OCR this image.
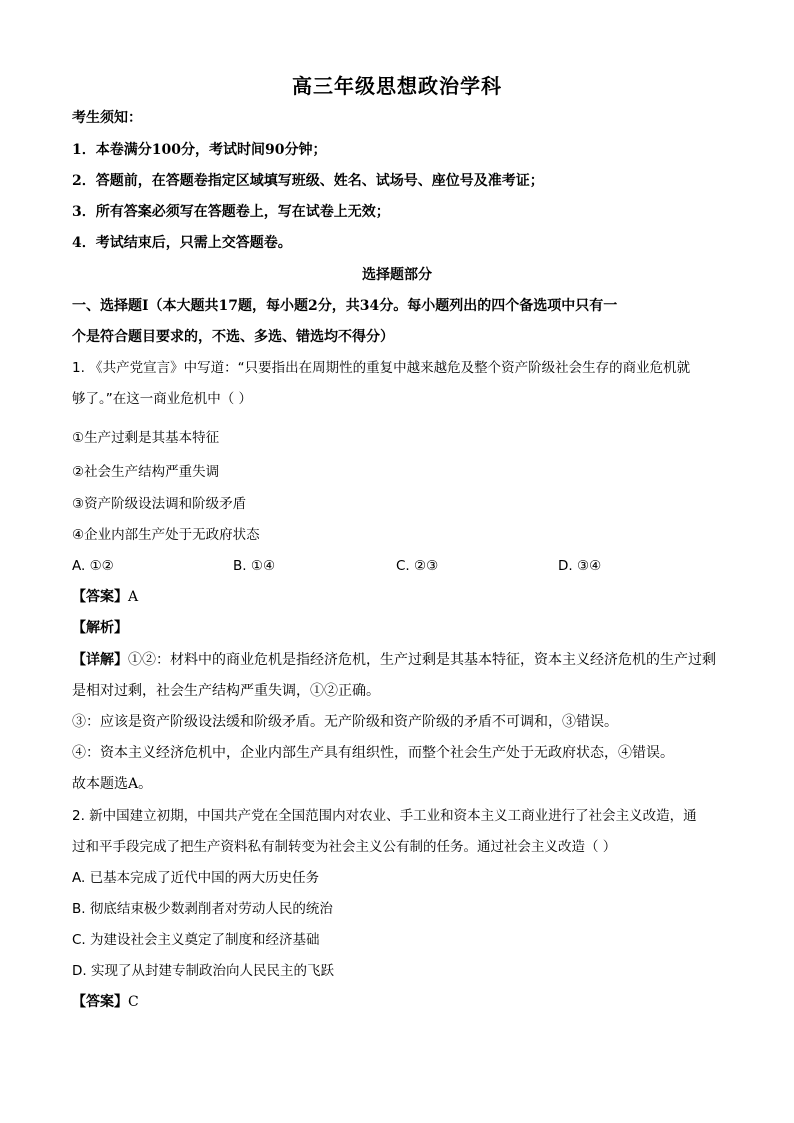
高三年级思想政治学科
考生须知：
1．本卷满分100分，考试时间90分钟；
2．答题前，在答题卷指定区域填写班级、姓名、试场号、座位号及准考证；
3．所有答案必须写在答题卷上，写在试卷上无效；
4．考试结束后，只需上交答题卷。
选择题部分
一、选择题Ⅰ（本大题共17题，每小题2分，共34分。每小题列出的四个备选项中只有一
个是符合题目要求的，不选、多选、错选均不得分）
1. 《共产党宣言》中写道：“只要指出在周期性的重复中越来越危及整个资产阶级社会生存的商业危机就
够了。”在这一商业危机中（ ）
①生产过剩是其基本特征
②社会生产结构严重失调
③资产阶级设法调和阶级矛盾
④企业内部生产处于无政府状态
A. ①②	B. ①④	C. ②③	D. ③④
【答案】A
【解析】
【详解】①②：材料中的商业危机是指经济危机，生产过剩是其基本特征，资本主义经济危机的生产过剩
是相对过剩，社会生产结构严重失调，①②正确。
③：应该是资产阶级设法缓和阶级矛盾。无产阶级和资产阶级的矛盾不可调和，③错误。
④：资本主义经济危机中，企业内部生产具有组织性，而整个社会生产处于无政府状态，④错误。
故本题选A。
2. 新中国建立初期，中国共产党在全国范围内对农业、手工业和资本主义工商业进行了社会主义改造，通
过和平手段完成了把生产资料私有制转变为社会主义公有制的任务。通过社会主义改造（ ）
A. 已基本完成了近代中国的两大历史任务
B. 彻底结束极少数剥削者对劳动人民的统治
C. 为建设社会主义奠定了制度和经济基础
D. 实现了从封建专制政治向人民民主的飞跃
【答案】C
